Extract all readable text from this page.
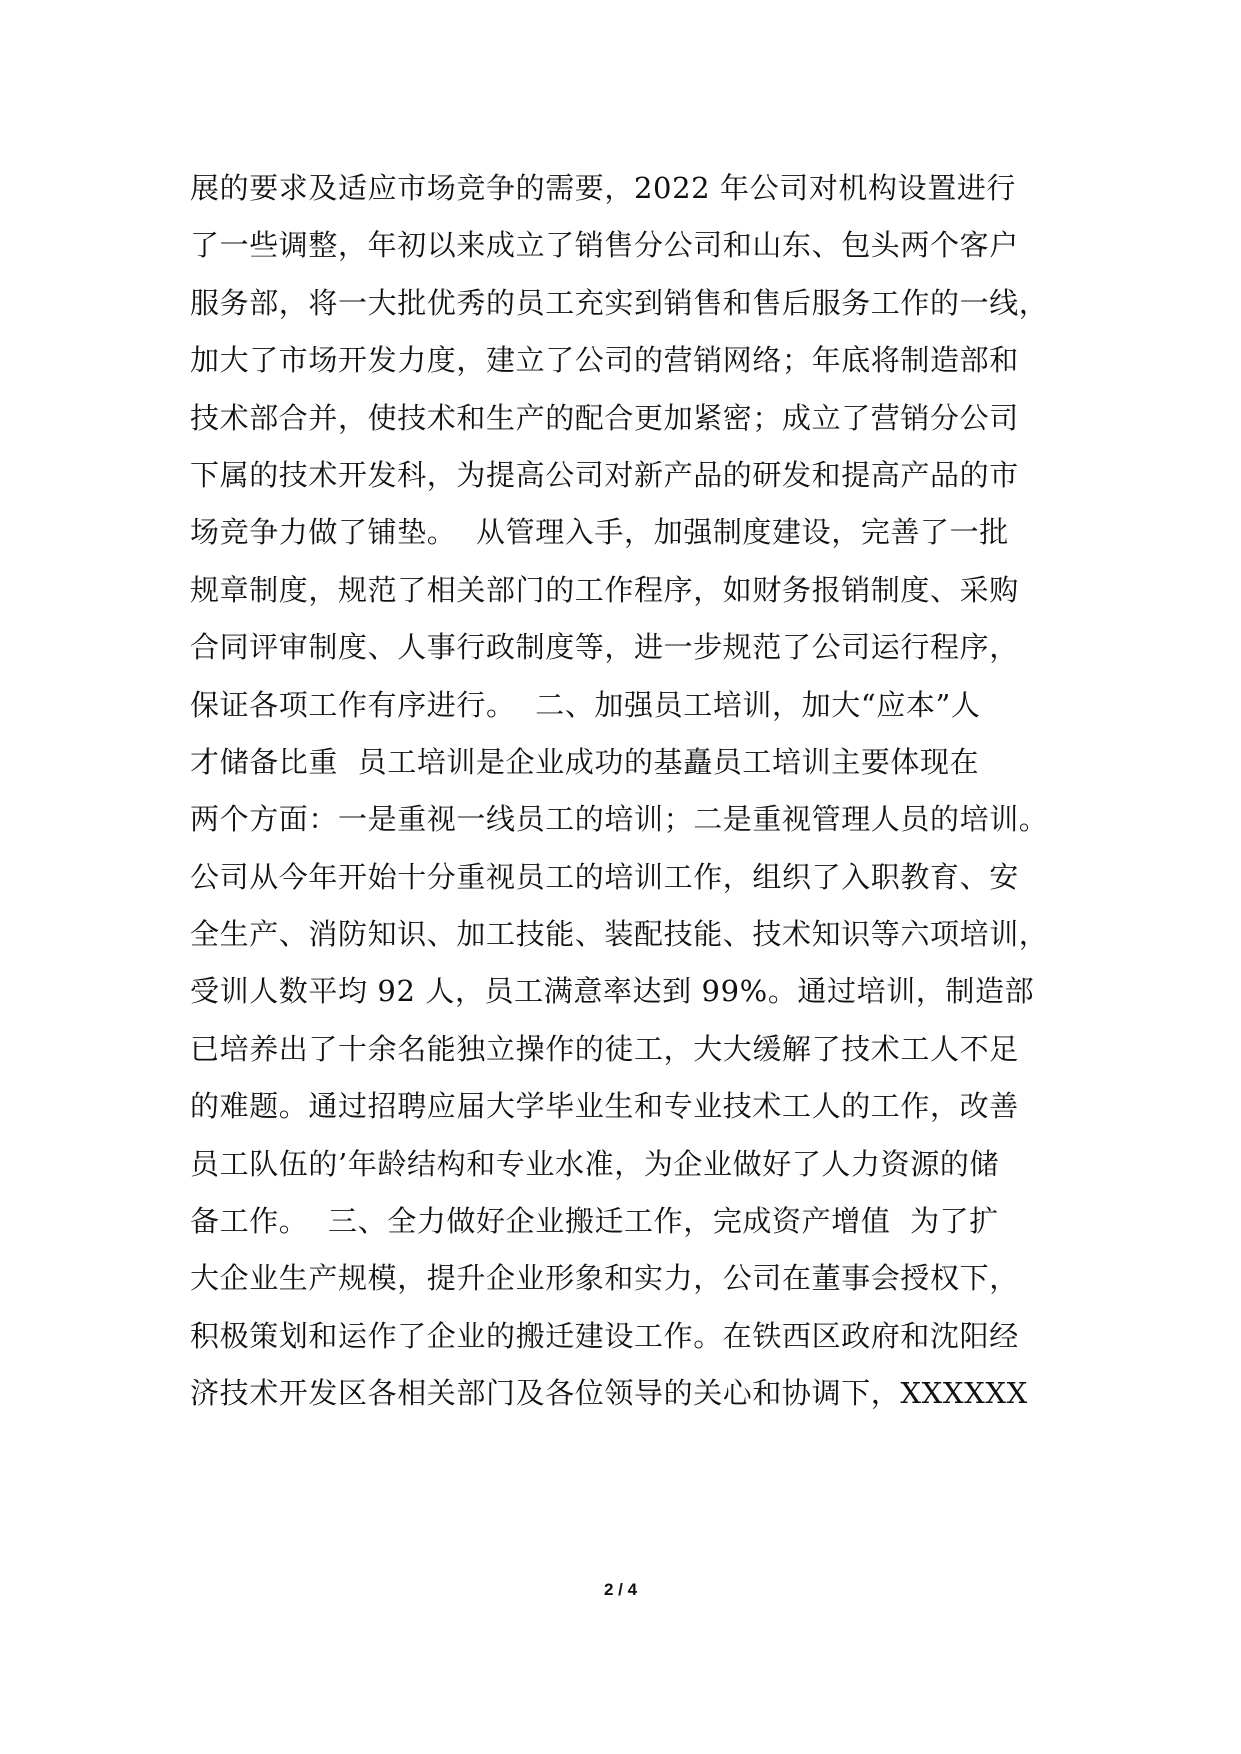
展的要求及适应市场竞争的需要，2022 年公司对机构设置进行
了一些调整，年初以来成立了销售分公司和山东、包头两个客户
服务部，将一大批优秀的员工充实到销售和售后服务工作的一线，
加大了市场开发力度，建立了公司的营销网络；年底将制造部和
技术部合并，使技术和生产的配合更加紧密；成立了营销分公司
下属的技术开发科，为提高公司对新产品的研发和提高产品的市
场竞争力做了铺垫。  从管理入手，加强制度建设，完善了一批
规章制度，规范了相关部门的工作程序，如财务报销制度、采购
合同评审制度、人事行政制度等，进一步规范了公司运行程序，
保证各项工作有序进行。  二、加强员工培训，加大“应本”人
才储备比重  员工培训是企业成功的基矗员工培训主要体现在
两个方面：一是重视一线员工的培训；二是重视管理人员的培训。
公司从今年开始十分重视员工的培训工作，组织了入职教育、安
全生产、消防知识、加工技能、装配技能、技术知识等六项培训，
受训人数平均 92 人，员工满意率达到 99%。通过培训，制造部
已培养出了十余名能独立操作的徒工，大大缓解了技术工人不足
的难题。通过招聘应届大学毕业生和专业技术工人的工作，改善
员工队伍的’年龄结构和专业水准，为企业做好了人力资源的储
备工作。  三、全力做好企业搬迁工作，完成资产增值  为了扩
大企业生产规模，提升企业形象和实力，公司在董事会授权下，
积极策划和运作了企业的搬迁建设工作。在铁西区政府和沈阳经
济技术开发区各相关部门及各位领导的关心和协调下，XXXXXX
2 / 4
